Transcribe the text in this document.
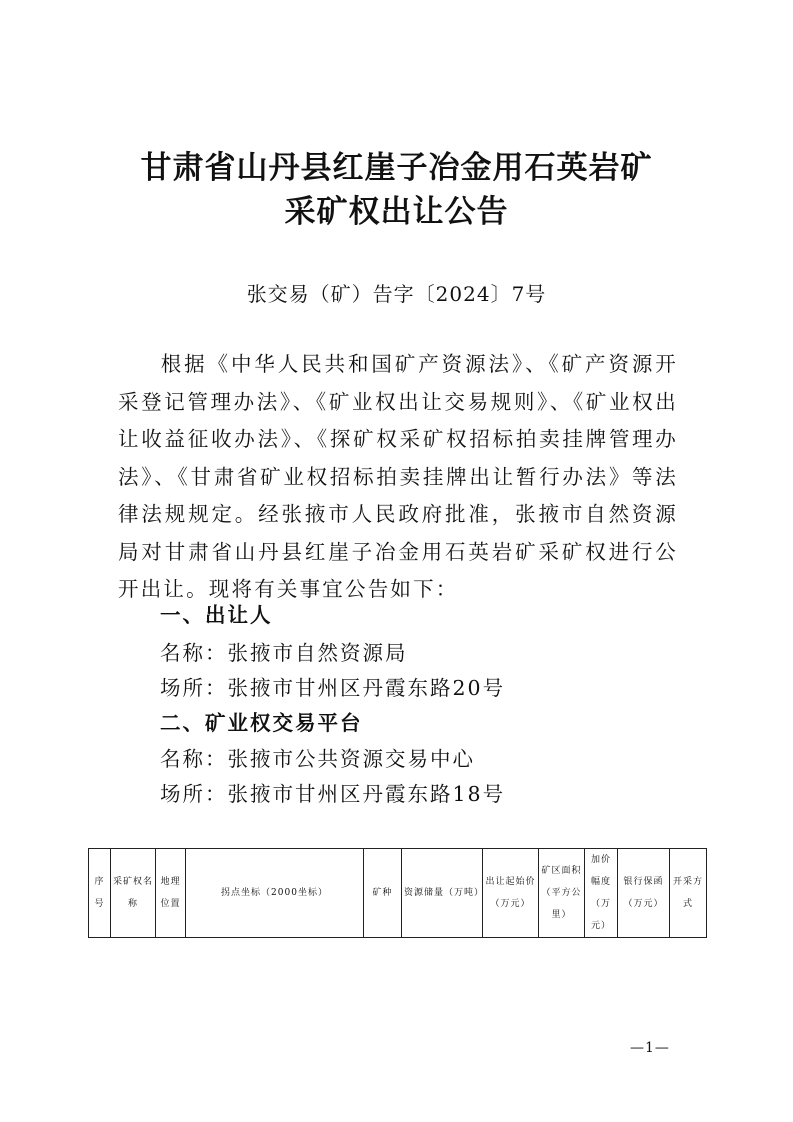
甘肃省山丹县红崖子冶金用石英岩矿
采矿权出让公告
张交易（矿）告字〔2024〕7号

根据《中华人民共和国矿产资源法》、《矿产资源开采登记管理办法》、《矿业权出让交易规则》、《矿业权出让收益征收办法》、《探矿权采矿权招标拍卖挂牌管理办法》、《甘肃省矿业权招标拍卖挂牌出让暂行办法》等法律法规规定。经张掖市人民政府批准，张掖市自然资源局对甘肃省山丹县红崖子冶金用石英岩矿采矿权进行公开出让。现将有关事宜公告如下：

一、出让人
名称：张掖市自然资源局
场所：张掖市甘州区丹霞东路20号
二、矿业权交易平台
名称：张掖市公共资源交易中心
场所：张掖市甘州区丹霞东路18号
序号	采矿权名称	地理位置	拐点坐标（2000坐标）	矿种	资源储量（万吨）	出让起始价（万元）	矿区面积（平方公里）	加价幅度（万元）	银行保函（万元）	开采方式
—1—
